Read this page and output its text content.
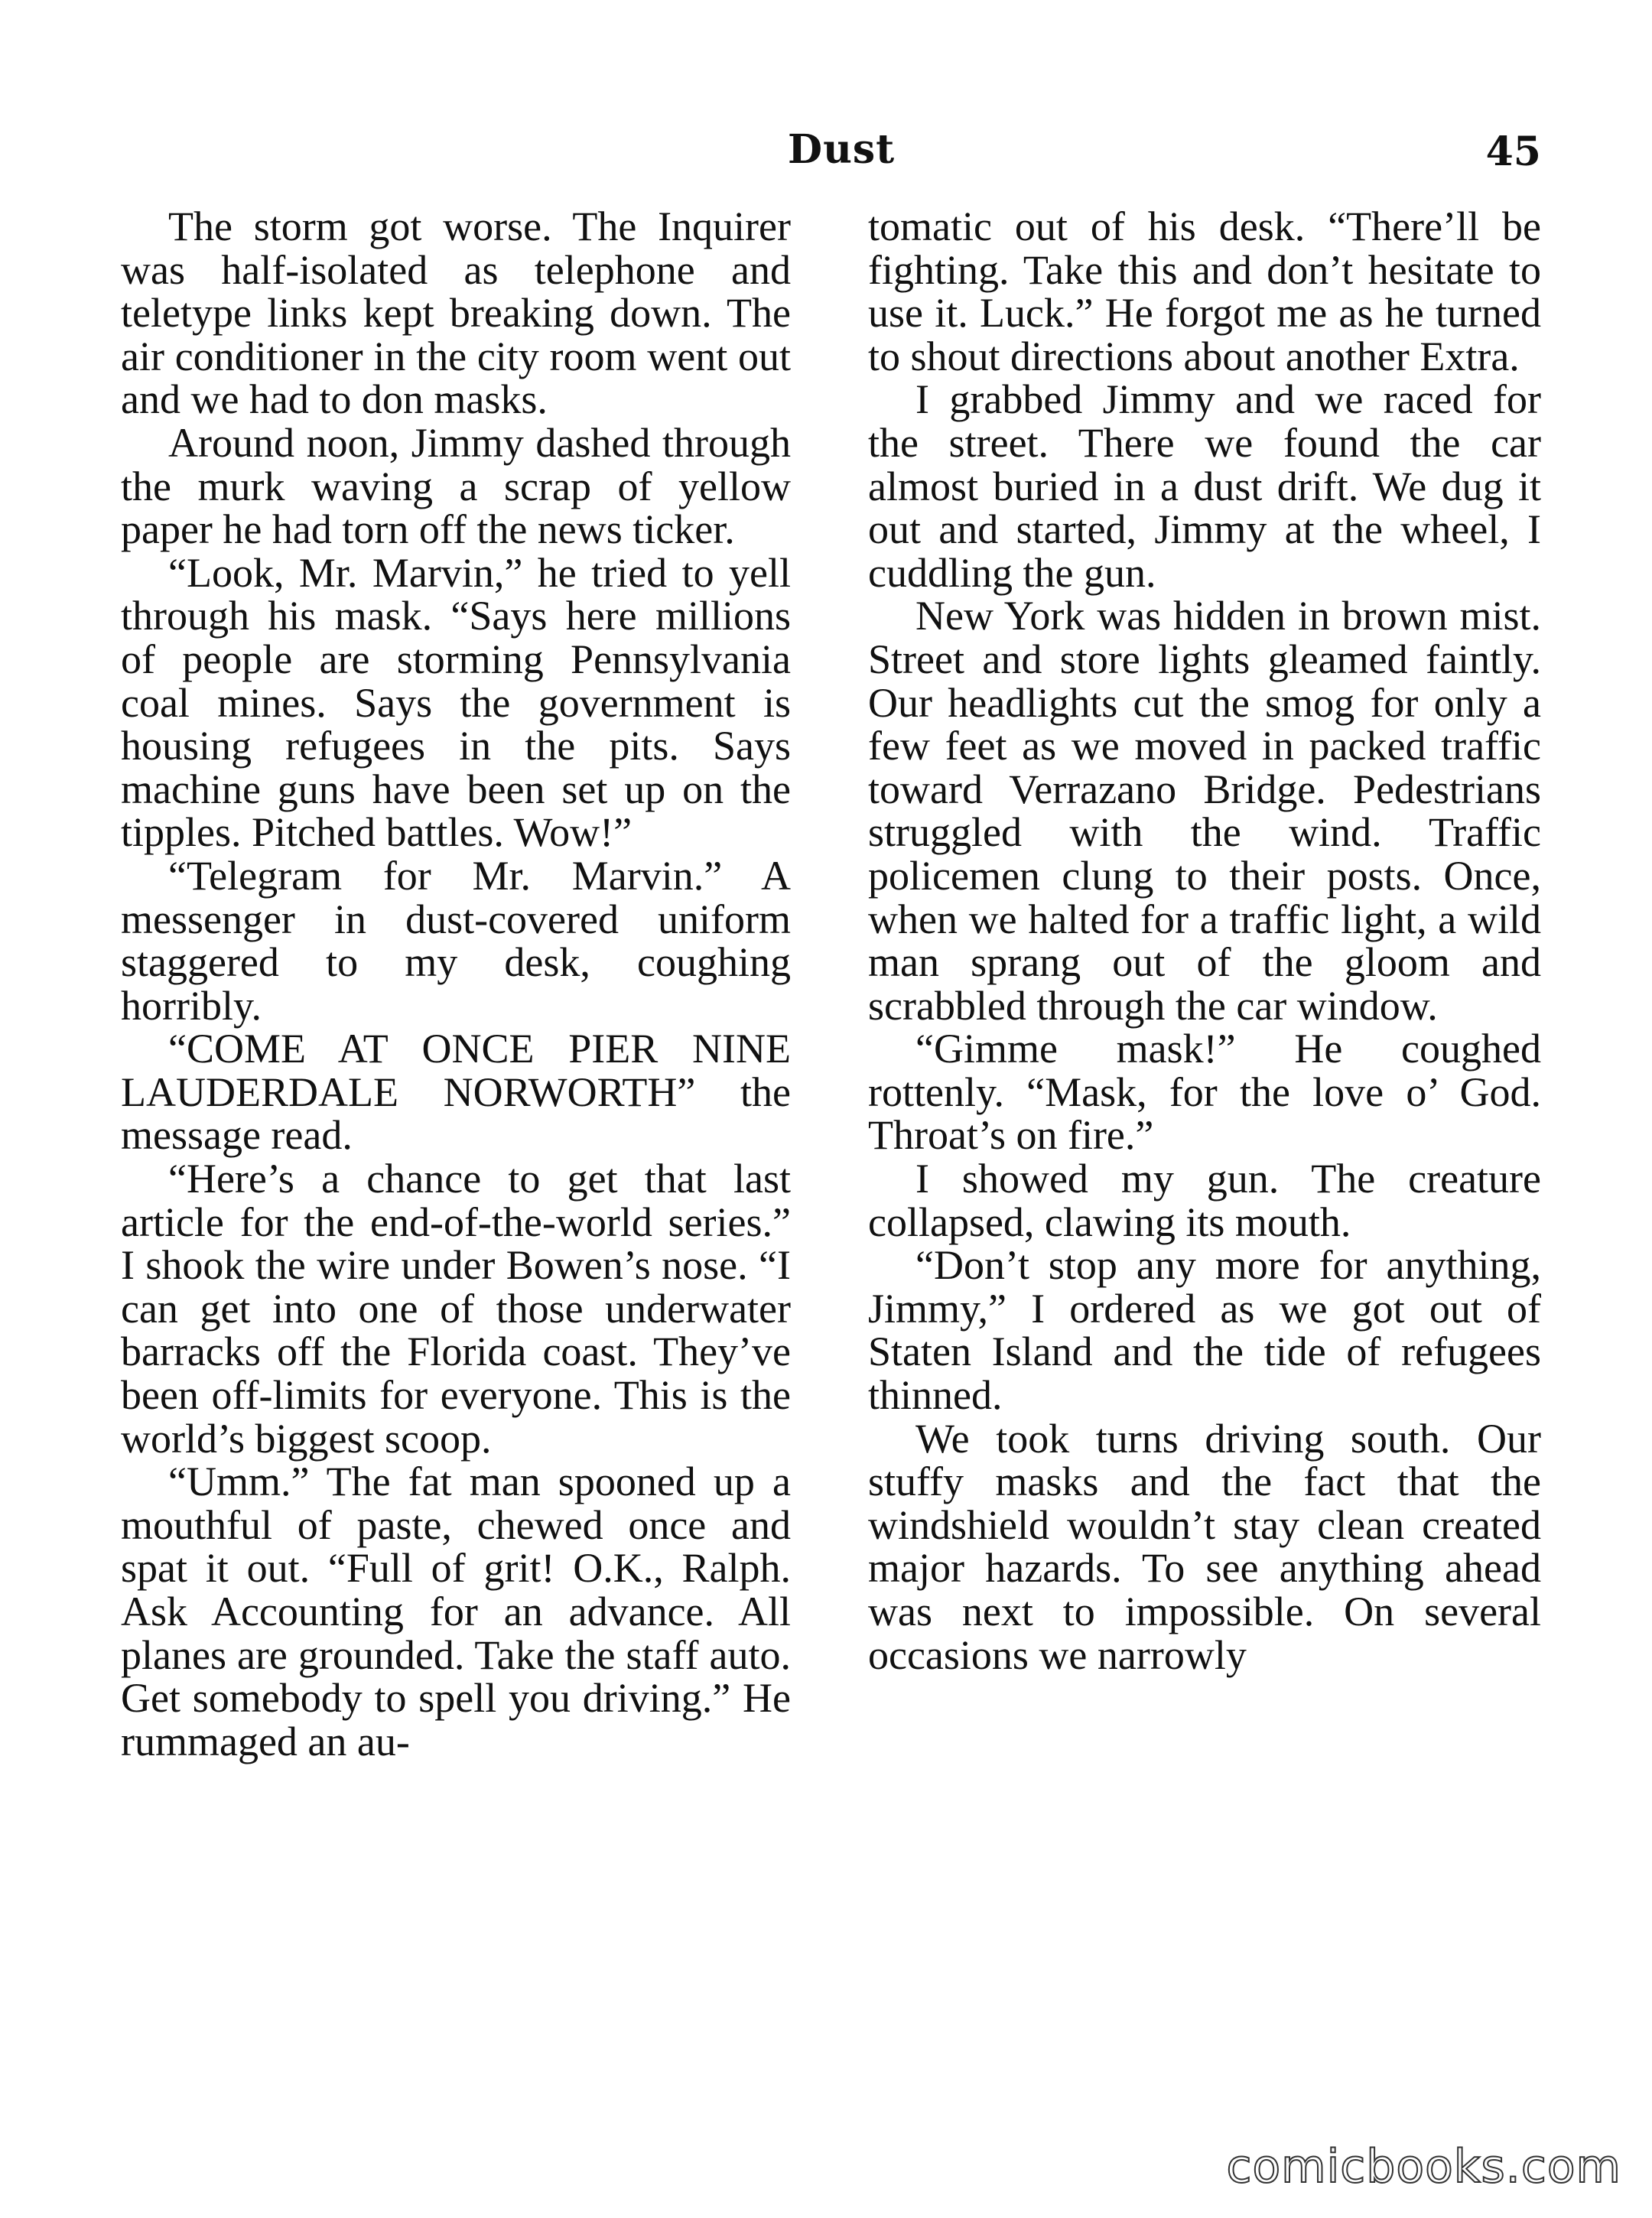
Dust	45

The storm got worse. The Inquirer was half-isolated as telephone and teletype links kept breaking down. The air conditioner in the city room went out and we had to don masks.

Around noon, Jimmy dashed through the murk waving a scrap of yellow paper he had torn off the news ticker.

“Look, Mr. Marvin,” he tried to yell through his mask. “Says here millions of people are storming Pennsylvania coal mines. Says the government is housing refugees in the pits. Says machine guns have been set up on the tipples. Pitched battles. Wow!”

“Telegram for Mr. Marvin.” A messenger in dust-covered uniform staggered to my desk, coughing horribly.

“COME AT ONCE PIER NINE LAUDERDALE NORWORTH” the message read.

“Here’s a chance to get that last article for the end-of-the-world series.” I shook the wire under Bowen’s nose. “I can get into one of those underwater barracks off the Florida coast. They’ve been off-limits for everyone. This is the world’s biggest scoop.

“Umm.” The fat man spooned up a mouthful of paste, chewed once and spat it out. “Full of grit! O.K., Ralph. Ask Accounting for an advance. All planes are grounded. Take the staff auto. Get somebody to spell you driving.” He rummaged an au-

tomatic out of his desk. “There’ll be fighting. Take this and don’t hesitate to use it. Luck.” He forgot me as he turned to shout directions about another Extra.

I grabbed Jimmy and we raced for the street. There we found the car almost buried in a dust drift. We dug it out and started, Jimmy at the wheel, I cuddling the gun.

New York was hidden in brown mist. Street and store lights gleamed faintly. Our headlights cut the smog for only a few feet as we moved in packed traffic toward Verrazano Bridge. Pedestrians struggled with the wind. Traffic policemen clung to their posts. Once, when we halted for a traffic light, a wild man sprang out of the gloom and scrabbled through the car window.

“Gimme mask!” He coughed rottenly. “Mask, for the love o’ God. Throat’s on fire.”

I showed my gun. The creature collapsed, clawing its mouth.

“Don’t stop any more for anything, Jimmy,” I ordered as we got out of Staten Island and the tide of refugees thinned.

We took turns driving south. Our stuffy masks and the fact that the windshield wouldn’t stay clean created major hazards. To see anything ahead was next to impossible. On several occasions we narrowly

comicbooks.com
